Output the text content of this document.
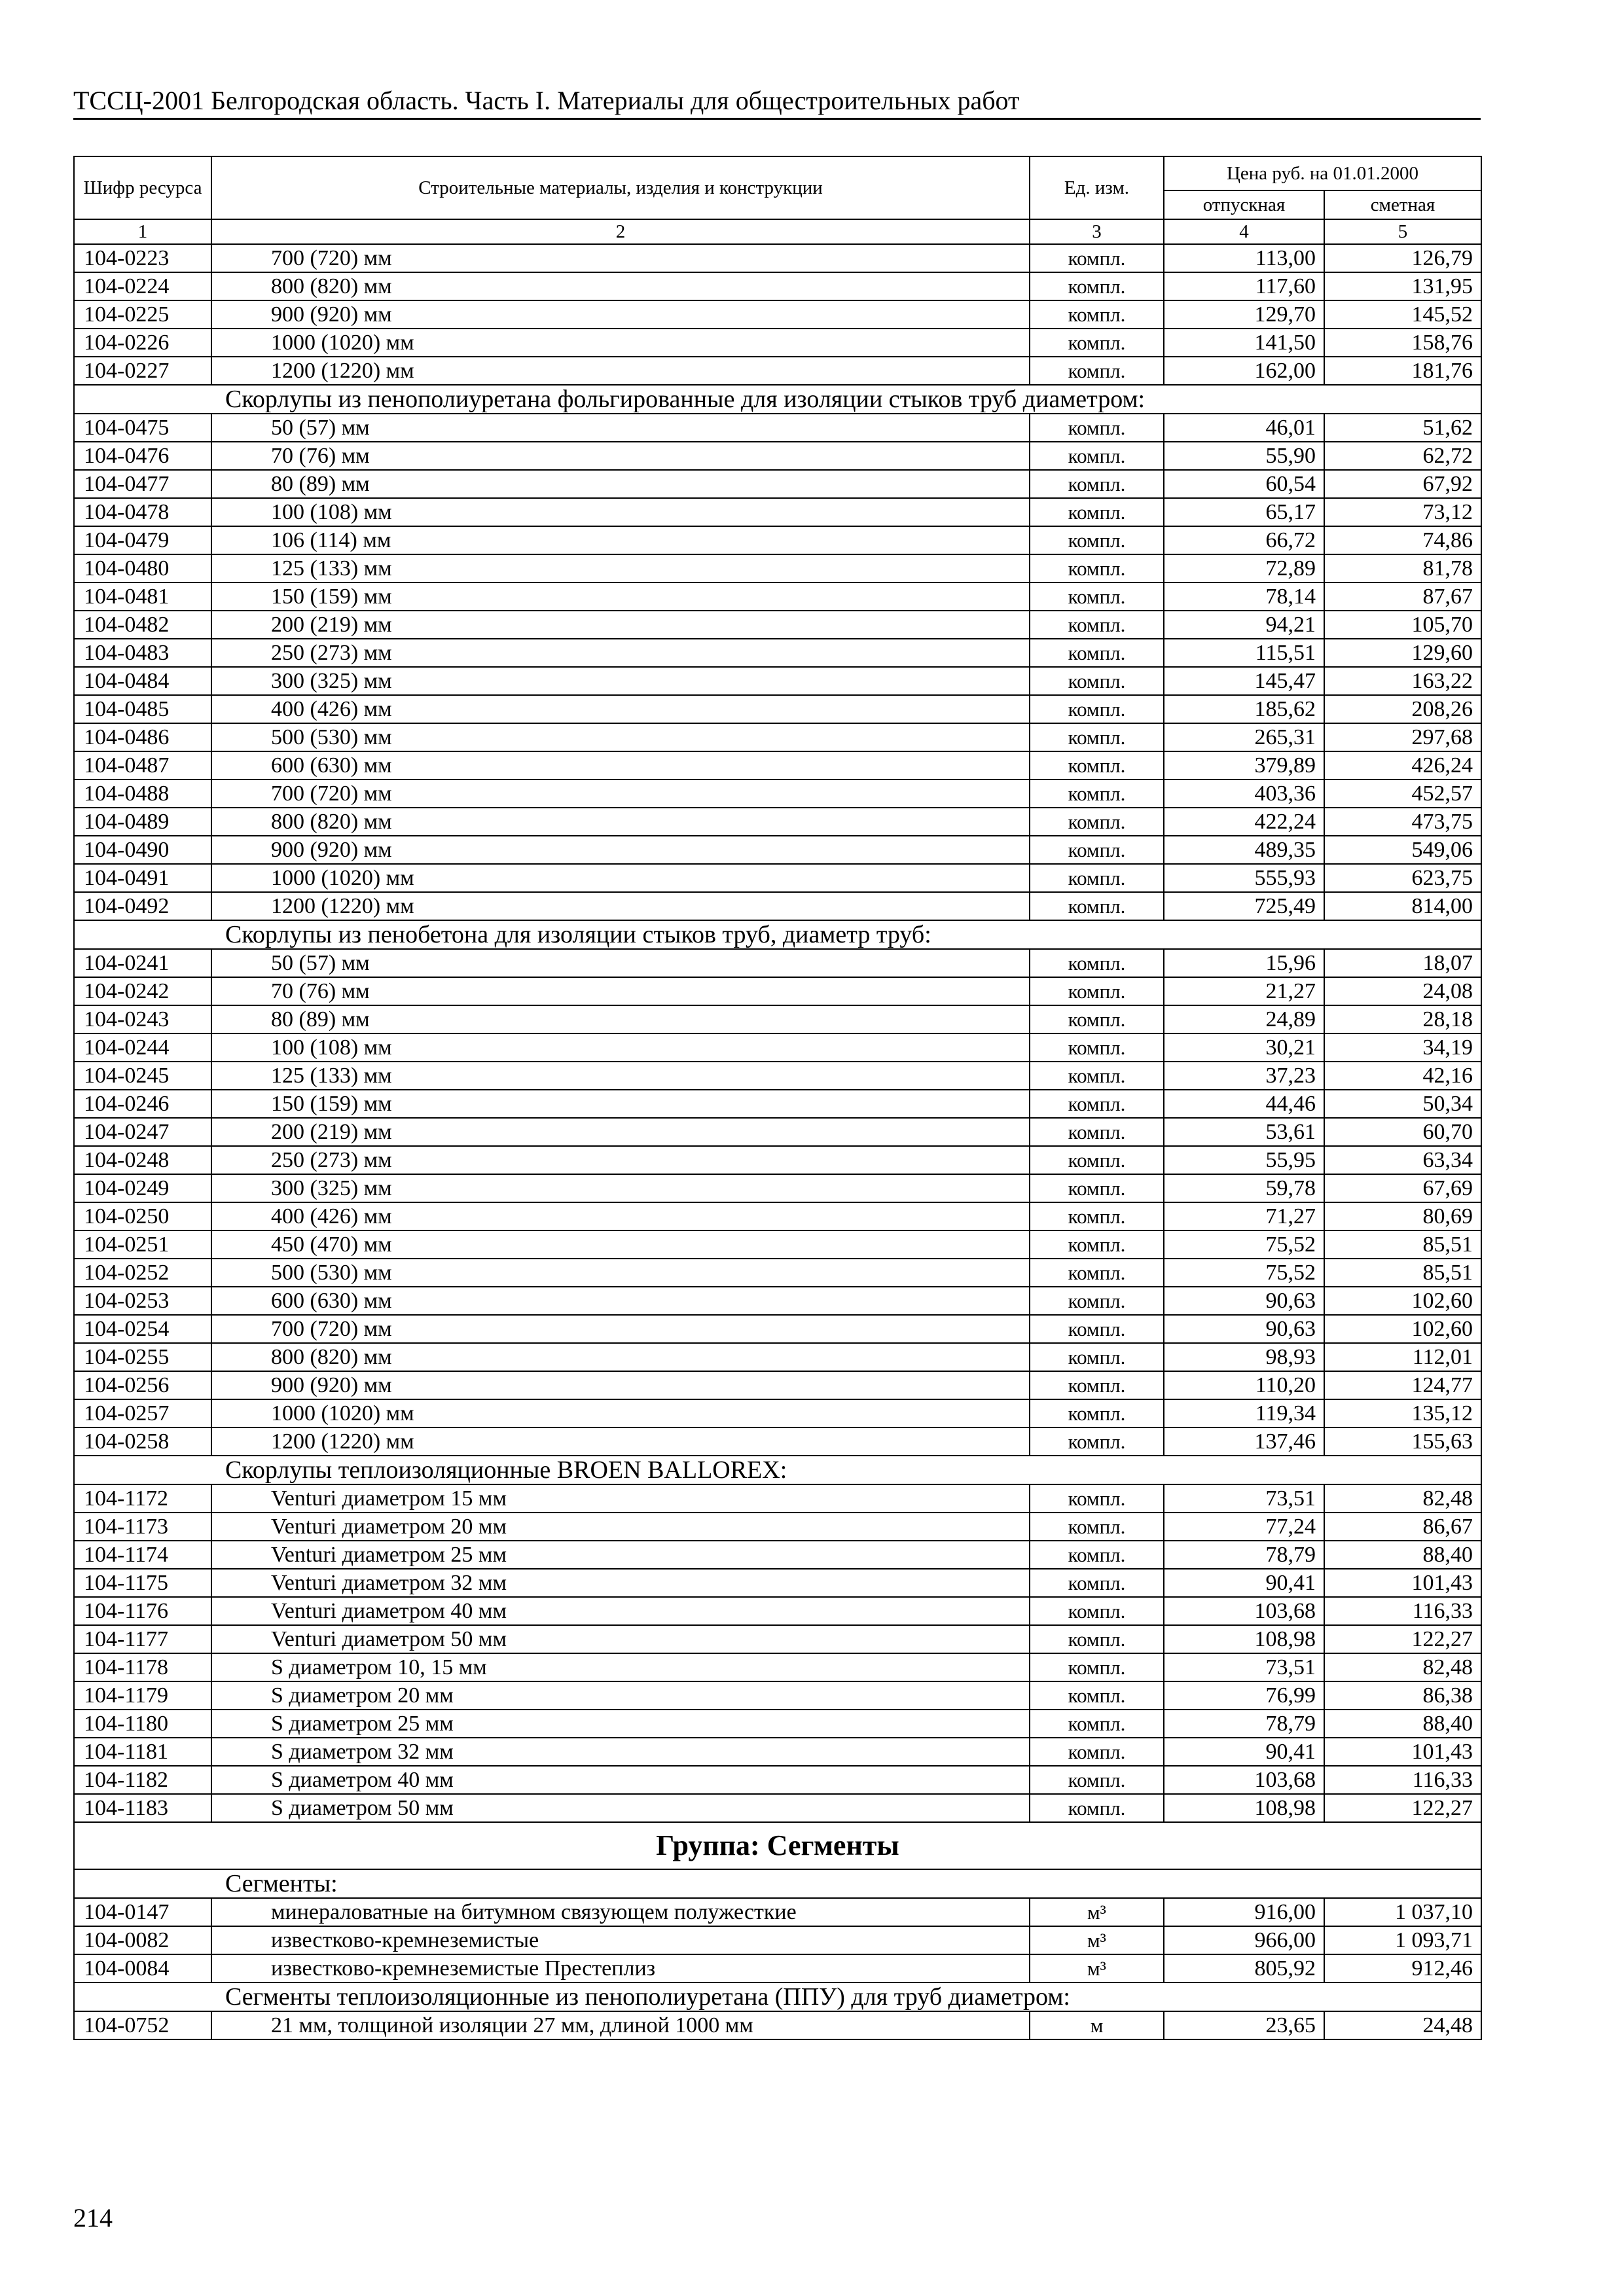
ТССЦ-2001 Белгородская область. Часть I. Материалы для общестроительных работ
Шифр ресурса	Строительные материалы, изделия и конструкции	Ед. изм.	Цена руб. на 01.01.2000	
			отпускная	сметная
1	2	3	4	5
104-0223	700 (720) мм	компл.	113,00	126,79
104-0224	800 (820) мм	компл.	117,60	131,95
104-0225	900 (920) мм	компл.	129,70	145,52
104-0226	1000 (1020) мм	компл.	141,50	158,76
104-0227	1200 (1220) мм	компл.	162,00	181,76
Скорлупы из пенополиуретана фольгированные для изоляции стыков труб диаметром:				
104-0475	50 (57) мм	компл.	46,01	51,62
104-0476	70 (76) мм	компл.	55,90	62,72
104-0477	80 (89) мм	компл.	60,54	67,92
104-0478	100 (108) мм	компл.	65,17	73,12
104-0479	106 (114) мм	компл.	66,72	74,86
104-0480	125 (133) мм	компл.	72,89	81,78
104-0481	150 (159) мм	компл.	78,14	87,67
104-0482	200 (219) мм	компл.	94,21	105,70
104-0483	250 (273) мм	компл.	115,51	129,60
104-0484	300 (325) мм	компл.	145,47	163,22
104-0485	400 (426) мм	компл.	185,62	208,26
104-0486	500 (530) мм	компл.	265,31	297,68
104-0487	600 (630) мм	компл.	379,89	426,24
104-0488	700 (720) мм	компл.	403,36	452,57
104-0489	800 (820) мм	компл.	422,24	473,75
104-0490	900 (920) мм	компл.	489,35	549,06
104-0491	1000 (1020) мм	компл.	555,93	623,75
104-0492	1200 (1220) мм	компл.	725,49	814,00
Скорлупы из пенобетона для изоляции стыков труб, диаметр труб:				
104-0241	50 (57) мм	компл.	15,96	18,07
104-0242	70 (76) мм	компл.	21,27	24,08
104-0243	80 (89) мм	компл.	24,89	28,18
104-0244	100 (108) мм	компл.	30,21	34,19
104-0245	125 (133) мм	компл.	37,23	42,16
104-0246	150 (159) мм	компл.	44,46	50,34
104-0247	200 (219) мм	компл.	53,61	60,70
104-0248	250 (273) мм	компл.	55,95	63,34
104-0249	300 (325) мм	компл.	59,78	67,69
104-0250	400 (426) мм	компл.	71,27	80,69
104-0251	450 (470) мм	компл.	75,52	85,51
104-0252	500 (530) мм	компл.	75,52	85,51
104-0253	600 (630) мм	компл.	90,63	102,60
104-0254	700 (720) мм	компл.	90,63	102,60
104-0255	800 (820) мм	компл.	98,93	112,01
104-0256	900 (920) мм	компл.	110,20	124,77
104-0257	1000 (1020) мм	компл.	119,34	135,12
104-0258	1200 (1220) мм	компл.	137,46	155,63
Скорлупы теплоизоляционные BROEN BALLOREX:				
104-1172	Venturi диаметром 15 мм	компл.	73,51	82,48
104-1173	Venturi диаметром 20 мм	компл.	77,24	86,67
104-1174	Venturi диаметром 25 мм	компл.	78,79	88,40
104-1175	Venturi диаметром 32 мм	компл.	90,41	101,43
104-1176	Venturi диаметром 40 мм	компл.	103,68	116,33
104-1177	Venturi диаметром 50 мм	компл.	108,98	122,27
104-1178	S диаметром 10, 15 мм	компл.	73,51	82,48
104-1179	S диаметром 20 мм	компл.	76,99	86,38
104-1180	S диаметром 25 мм	компл.	78,79	88,40
104-1181	S диаметром 32 мм	компл.	90,41	101,43
104-1182	S диаметром 40 мм	компл.	103,68	116,33
104-1183	S диаметром 50 мм	компл.	108,98	122,27
Группа: Сегменты				
Сегменты:				
104-0147	минераловатные на битумном связующем полужесткие	м³	916,00	1 037,10
104-0082	известково-кремнеземистые	м³	966,00	1 093,71
104-0084	известково-кремнеземистые Престеплиз	м³	805,92	912,46
Сегменты теплоизоляционные из пенополиуретана (ППУ) для труб диаметром:				
104-0752	21 мм, толщиной изоляции 27 мм, длиной 1000 мм	м	23,65	24,48
214
